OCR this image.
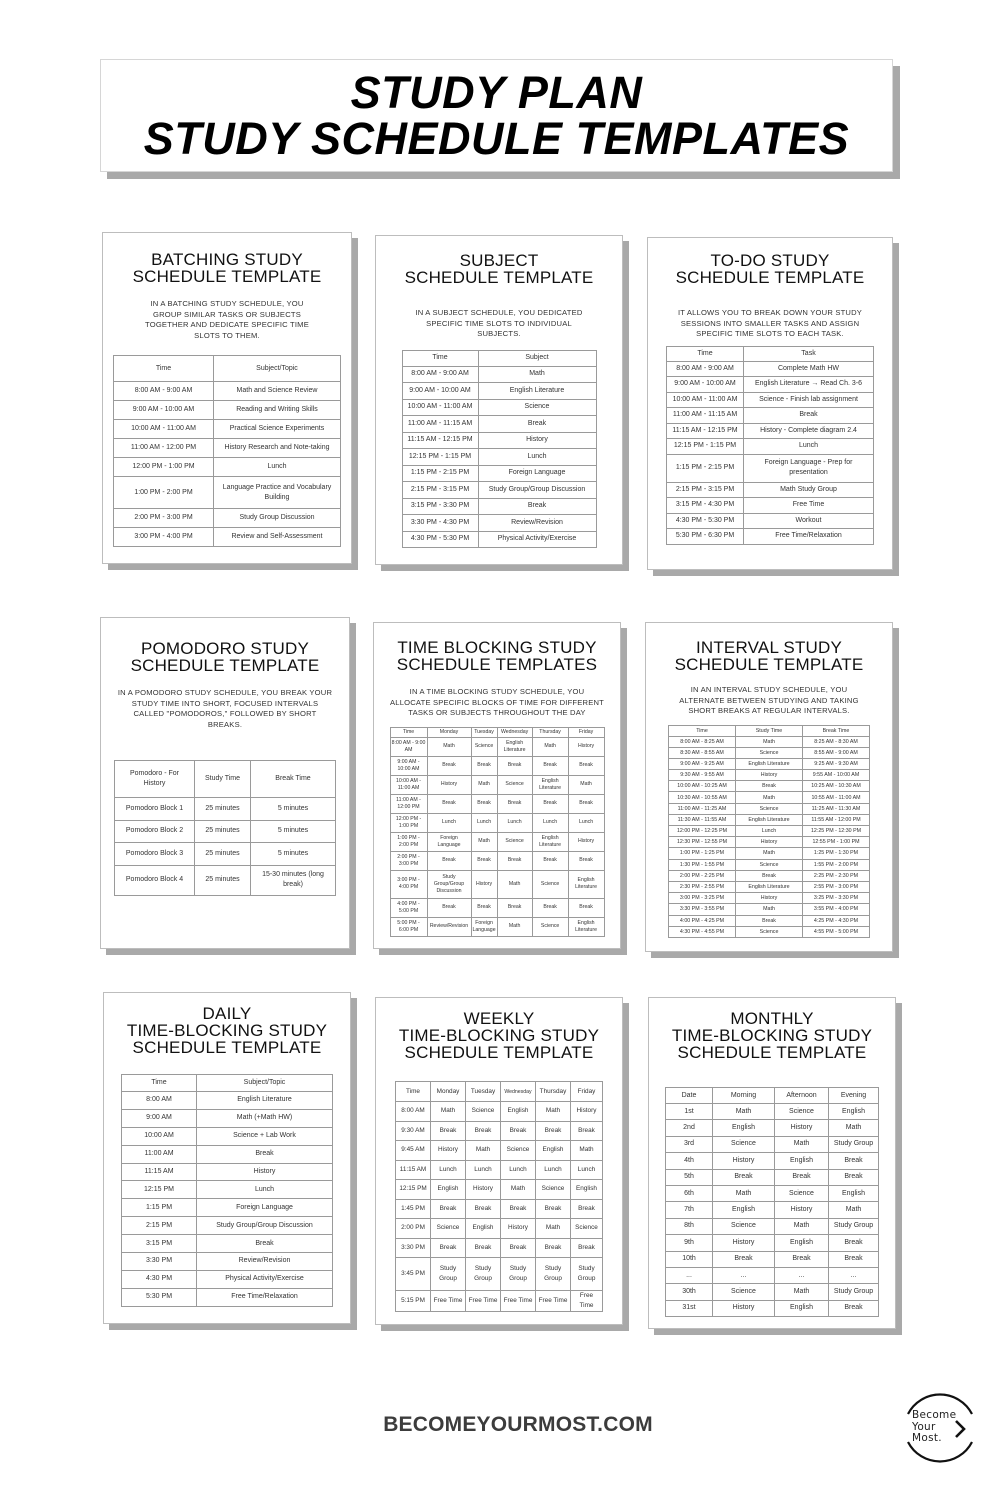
STUDY PLAN
STUDY SCHEDULE TEMPLATES
BATCHING STUDY
SCHEDULE TEMPLATE
IN A BATCHING STUDY SCHEDULE, YOU GROUP SIMILAR TASKS OR SUBJECTS TOGETHER AND DEDICATE SPECIFIC TIME SLOTS TO THEM.
Time	Subject/Topic
8:00 AM - 9:00 AM	Math and Science Review
9:00 AM - 10:00 AM	Reading and Writing Skills
10:00 AM - 11:00 AM	Practical Science Experiments
11:00 AM - 12:00 PM	History Research and Note-taking
12:00 PM - 1:00 PM	Lunch
1:00 PM - 2:00 PM	Language Practice and Vocabulary Building
2:00 PM - 3:00 PM	Study Group Discussion
3:00 PM - 4:00 PM	Review and Self-Assessment
SUBJECT
SCHEDULE TEMPLATE
IN A SUBJECT SCHEDULE, YOU DEDICATED SPECIFIC TIME SLOTS TO INDIVIDUAL SUBJECTS.
Time	Subject
8:00 AM - 9:00 AM	Math
9:00 AM - 10:00 AM	English Literature
10:00 AM - 11:00 AM	Science
11:00 AM - 11:15 AM	Break
11:15 AM - 12:15 PM	History
12:15 PM - 1:15 PM	Lunch
1:15 PM - 2:15 PM	Foreign Language
2:15 PM - 3:15 PM	Study Group/Group Discussion
3:15 PM - 3:30 PM	Break
3:30 PM - 4:30 PM	Review/Revision
4:30 PM - 5:30 PM	Physical Activity/Exercise
TO-DO STUDY
SCHEDULE TEMPLATE
IT ALLOWS YOU TO BREAK DOWN YOUR STUDY SESSIONS INTO SMALLER TASKS AND ASSIGN SPECIFIC TIME SLOTS TO EACH TASK.
Time	Task
8:00 AM - 9:00 AM	Complete Math HW
9:00 AM - 10:00 AM	English Literature → Read Ch. 3-6
10:00 AM - 11:00 AM	Science - Finish lab assignment
11:00 AM - 11:15 AM	Break
11:15 AM - 12:15 PM	History - Complete diagram 2.4
12:15 PM - 1:15 PM	Lunch
1:15 PM - 2:15 PM	Foreign Language - Prep for presentation
2:15 PM - 3:15 PM	Math Study Group
3:15 PM - 4:30 PM	Free Time
4:30 PM - 5:30 PM	Workout
5:30 PM - 6:30 PM	Free Time/Relaxation
POMODORO STUDY
SCHEDULE TEMPLATE
IN A POMODORO STUDY SCHEDULE, YOU BREAK YOUR STUDY TIME INTO SHORT, FOCUSED INTERVALS CALLED "POMODOROS," FOLLOWED BY SHORT BREAKS.
Pomodoro - For History	Study Time	Break Time
Pomodoro Block 1	25 minutes	5 minutes
Pomodoro Block 2	25 minutes	5 minutes
Pomodoro Block 3	25 minutes	5 minutes
Pomodoro Block 4	25 minutes	15-30 minutes (long break)
TIME BLOCKING STUDY
SCHEDULE TEMPLATES
IN A TIME BLOCKING STUDY SCHEDULE, YOU ALLOCATE SPECIFIC BLOCKS OF TIME FOR DIFFERENT TASKS OR SUBJECTS THROUGHOUT THE DAY
Time	Monday	Tuesday	Wednesday	Thursday	Friday
8:00 AM - 9:00 AM	Math	Science	English Literature	Math	History
9:00 AM - 10:00 AM	Break	Break	Break	Break	Break
10:00 AM - 11:00 AM	History	Math	Science	English Literature	Math
11:00 AM - 12:00 PM	Break	Break	Break	Break	Break
12:00 PM - 1:00 PM	Lunch	Lunch	Lunch	Lunch	Lunch
1:00 PM - 2:00 PM	Foreign Language	Math	Science	English Literature	History
2:00 PM - 3:00 PM	Break	Break	Break	Break	Break
3:00 PM - 4:00 PM	Study Group/Group Discussion	History	Math	Science	English Literature
4:00 PM - 5:00 PM	Break	Break	Break	Break	Break
5:00 PM - 6:00 PM	Review/Revision	Foreign Language	Math	Science	English Literature
INTERVAL STUDY
SCHEDULE TEMPLATE
IN AN INTERVAL STUDY SCHEDULE, YOU ALTERNATE BETWEEN STUDYING AND TAKING SHORT BREAKS AT REGULAR INTERVALS.
Time	Study Time	Break Time
8:00 AM - 8:25 AM	Math	8:25 AM - 8:30 AM
8:30 AM - 8:55 AM	Science	8:55 AM - 9:00 AM
9:00 AM - 9:25 AM	English Literature	9:25 AM - 9:30 AM
9:30 AM - 9:55 AM	History	9:55 AM - 10:00 AM
10:00 AM - 10:25 AM	Break	10:25 AM - 10:30 AM
10:30 AM - 10:55 AM	Math	10:55 AM - 11:00 AM
11:00 AM - 11:25 AM	Science	11:25 AM - 11:30 AM
11:30 AM - 11:55 AM	English Literature	11:55 AM - 12:00 PM
12:00 PM - 12:25 PM	Lunch	12:25 PM - 12:30 PM
12:30 PM - 12:55 PM	History	12:55 PM - 1:00 PM
1:00 PM - 1:25 PM	Math	1:25 PM - 1:30 PM
1:30 PM - 1:55 PM	Science	1:55 PM - 2:00 PM
2:00 PM - 2:25 PM	Break	2:25 PM - 2:30 PM
2:30 PM - 2:55 PM	English Literature	2:55 PM - 3:00 PM
3:00 PM - 3:25 PM	History	3:25 PM - 3:30 PM
3:30 PM - 3:55 PM	Math	3:55 PM - 4:00 PM
4:00 PM - 4:25 PM	Break	4:25 PM - 4:30 PM
4:30 PM - 4:55 PM	Science	4:55 PM - 5:00 PM
DAILY
TIME-BLOCKING STUDY
SCHEDULE TEMPLATE
Time	Subject/Topic
8:00 AM	English Literature
9:00 AM	Math (+Math HW)
10:00 AM	Science + Lab Work
11:00 AM	Break
11:15 AM	History
12:15 PM	Lunch
1:15 PM	Foreign Language
2:15 PM	Study Group/Group Discussion
3:15 PM	Break
3:30 PM	Review/Revision
4:30 PM	Physical Activity/Exercise
5:30 PM	Free Time/Relaxation
WEEKLY
TIME-BLOCKING STUDY
SCHEDULE TEMPLATE
Time	Monday	Tuesday	Wednesday	Thursday	Friday
8:00 AM	Math	Science	English	Math	History
9:30 AM	Break	Break	Break	Break	Break
9:45 AM	History	Math	Science	English	Math
11:15 AM	Lunch	Lunch	Lunch	Lunch	Lunch
12:15 PM	English	History	Math	Science	English
1:45 PM	Break	Break	Break	Break	Break
2:00 PM	Science	English	History	Math	Science
3:30 PM	Break	Break	Break	Break	Break
3:45 PM	Study Group	Study Group	Study Group	Study Group	Study Group
5:15 PM	Free Time	Free Time	Free Time	Free Time	Free Time
MONTHLY
TIME-BLOCKING STUDY
SCHEDULE TEMPLATE
Date	Morning	Afternoon	Evening
1st	Math	Science	English
2nd	English	History	Math
3rd	Science	Math	Study Group
4th	History	English	Break
5th	Break	Break	Break
6th	Math	Science	English
7th	English	History	Math
8th	Science	Math	Study Group
9th	History	English	Break
10th	Break	Break	Break
...	...	...	...
30th	Science	Math	Study Group
31st	History	English	Break
BECOMEYOURMOST.COM	Become
Your
Most.
